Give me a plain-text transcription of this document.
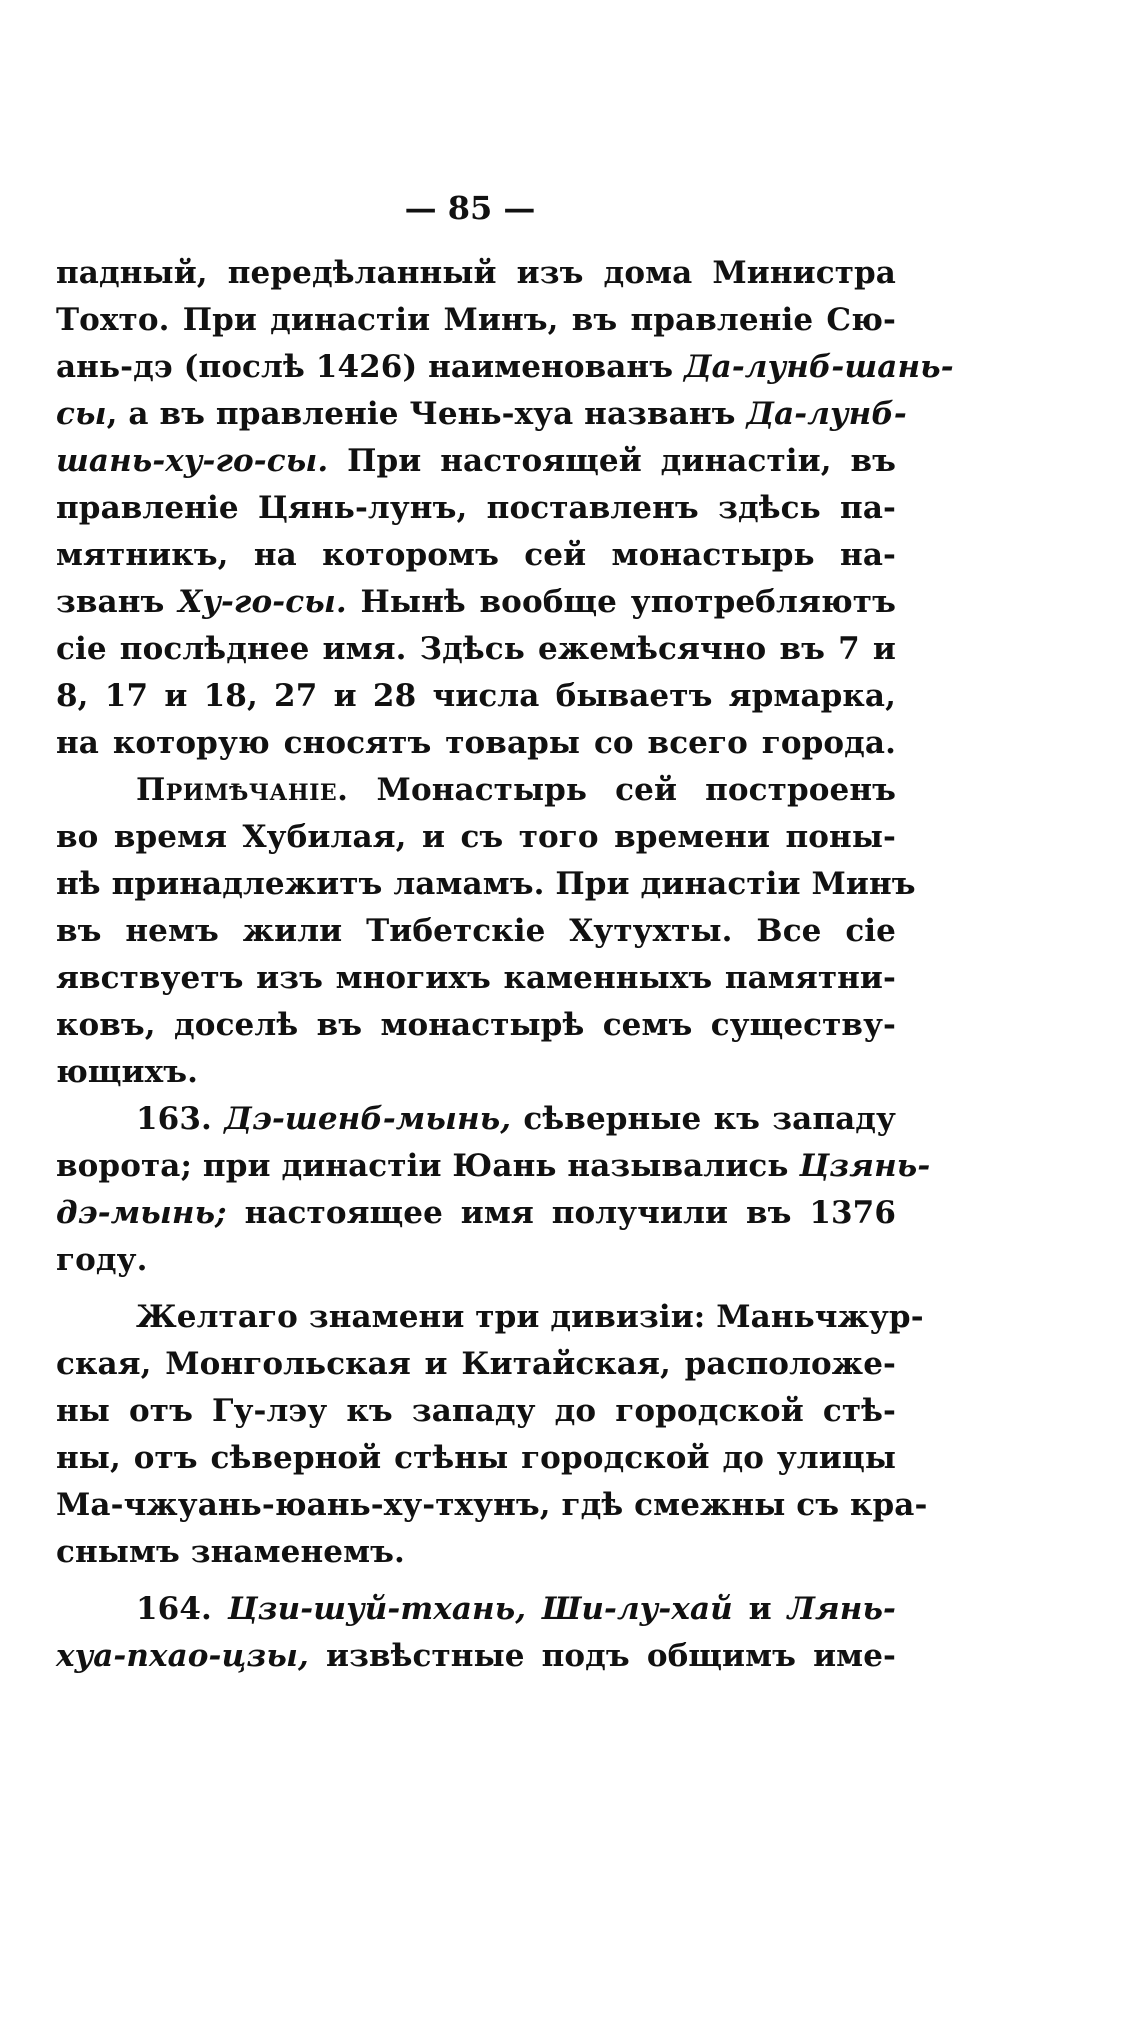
— 85 —
падный, передѣланный изъ дома Министра
Тохто. При династіи Минъ, въ правленіе Сю-
ань-дэ (послѣ 1426) наименованъ Да-лунб-шань-
сы, а въ правленіе Чень-хуа названъ Да-лунб-
шань-ху-го-сы. При настоящей династіи, въ
правленіе Цянь-лунъ, поставленъ здѣсь па-
мятникъ, на которомъ сей монастырь на-
званъ Ху-го-сы. Нынѣ вообще употребляютъ
сіе послѣднее имя. Здѣсь ежемѣсячно въ 7 и
8, 17 и 18, 27 и 28 числа бываетъ ярмарка,
на которую сносятъ товары со всего города.
Примѣчаніе. Монастырь сей построенъ
во время Хубилая, и съ того времени поны-
нѣ принадлежитъ ламамъ. При династіи Минъ
въ немъ жили Тибетскіе Хутухты. Все сіе
явствуетъ изъ многихъ каменныхъ памятни-
ковъ, доселѣ въ монастырѣ семъ существу-
ющихъ.
163. Дэ-шенб-мынь, сѣверные къ западу
ворота; при династіи Юань назывались Цзянь-
дэ-мынь; настоящее имя получили въ 1376
году.
Желтаго знамени три дивизіи: Маньчжур-
ская, Монгольская и Китайская, расположе-
ны отъ Гу-лэу къ западу до городской стѣ-
ны, отъ сѣверной стѣны городской до улицы
Ма-чжуань-юань-ху-тхунъ, гдѣ смежны съ кра-
снымъ знаменемъ.
164. Цзи-шуй-тхань, Ши-лу-хай и Лянь-
хуа-пхао-цзы, извѣстные подъ общимъ име-
